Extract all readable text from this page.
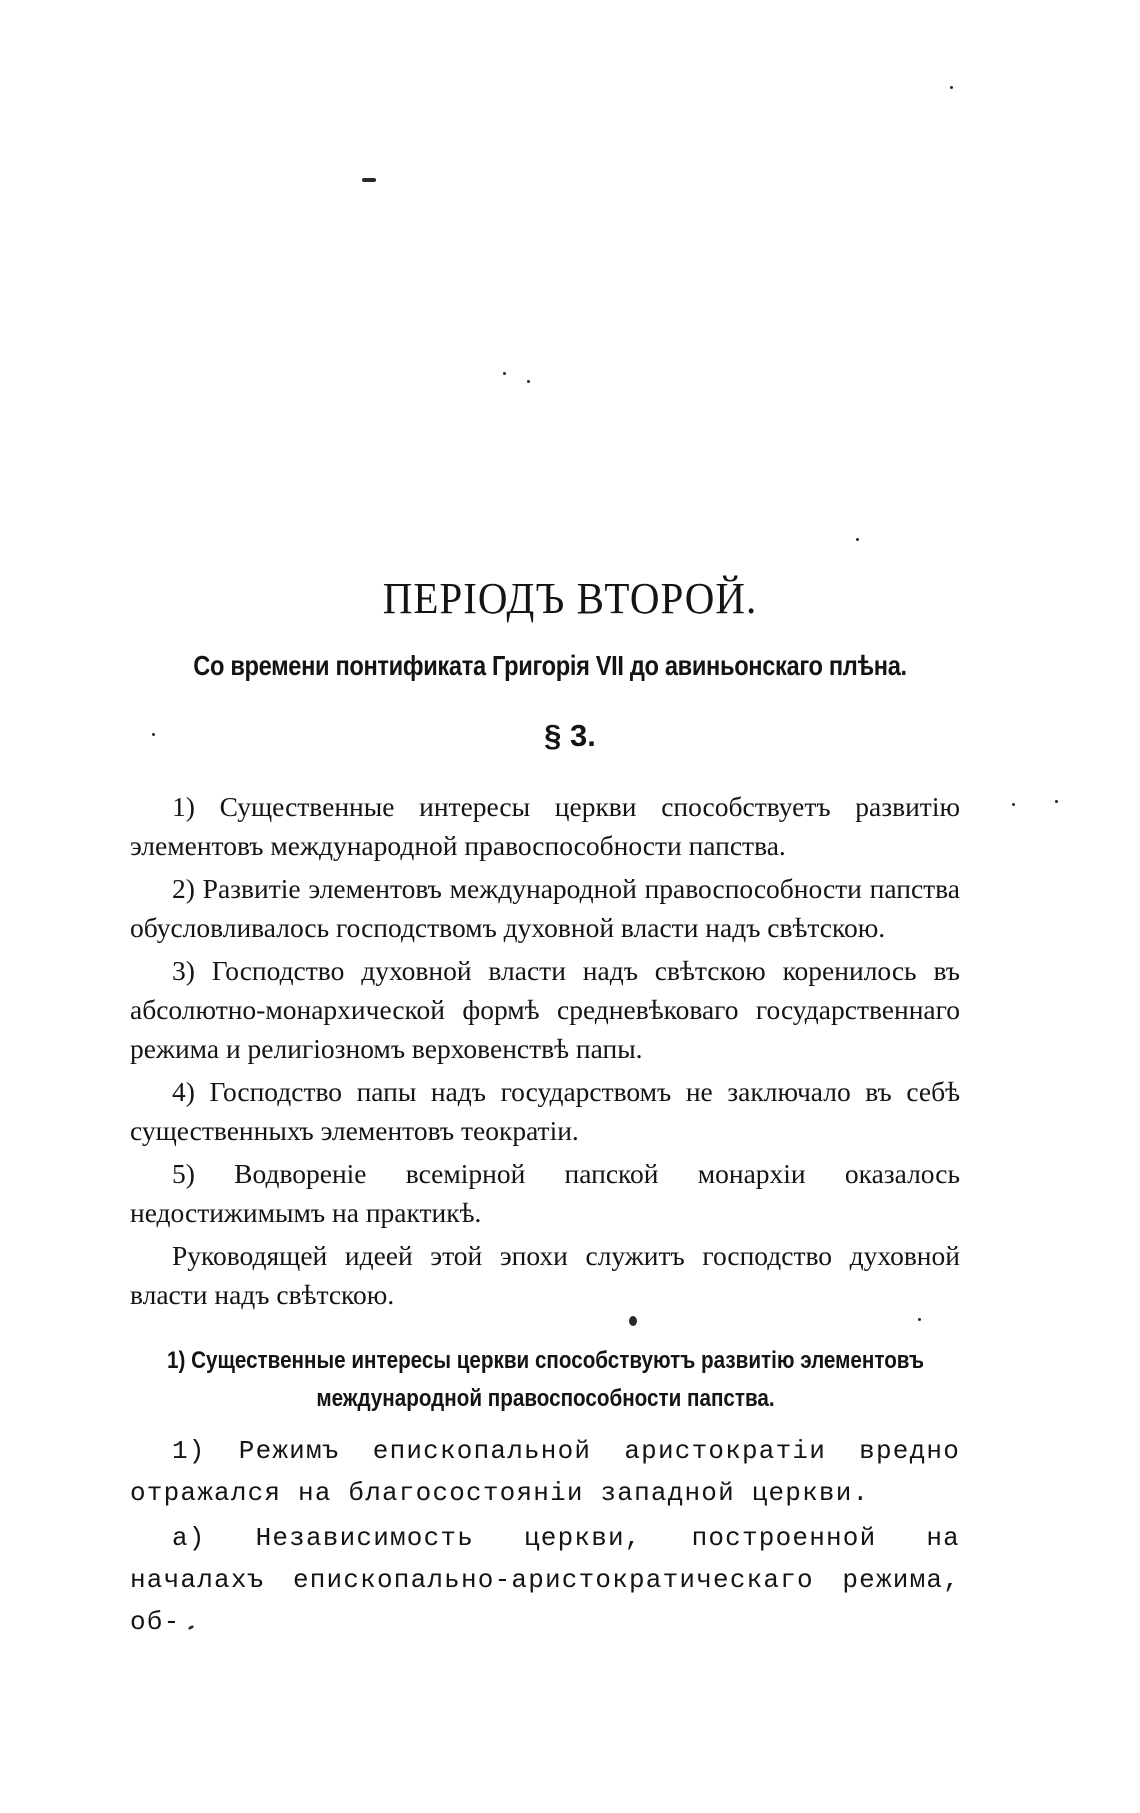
ПЕРІОДЪ ВТОРОЙ.
Со времени понтификата Григорія VII до авиньонскаго плѣна.
§ 3.

1) Существенные интересы церкви способствуетъ развитію элементовъ международной правоспособности папства.

2) Развитіе элементовъ международной правоспособности папства обусловливалось господствомъ духовной власти надъ свѣтскою.

3) Господство духовной власти надъ свѣтскою коренилось въ абсолютно-монархической формѣ средневѣковаго государственнаго режима и религіозномъ верховенствѣ папы.

4) Господство папы надъ государствомъ не заключало въ себѣ существенныхъ элементовъ теократіи.

5) Водвореніе всемірной папской монархіи оказалось недостижимымъ на практикѣ.

Руководящей идеей этой эпохи служитъ господство духовной власти надъ свѣтскою.

1) Существенные интересы церкви способствуютъ развитію элементовъ международной правоспособности папства.

1) Режимъ епископальной аристократіи вредно отражался на благосостояніи западной церкви.

а) Независимость церкви, построенной на началахъ епископально-аристократическаго режима, об-
